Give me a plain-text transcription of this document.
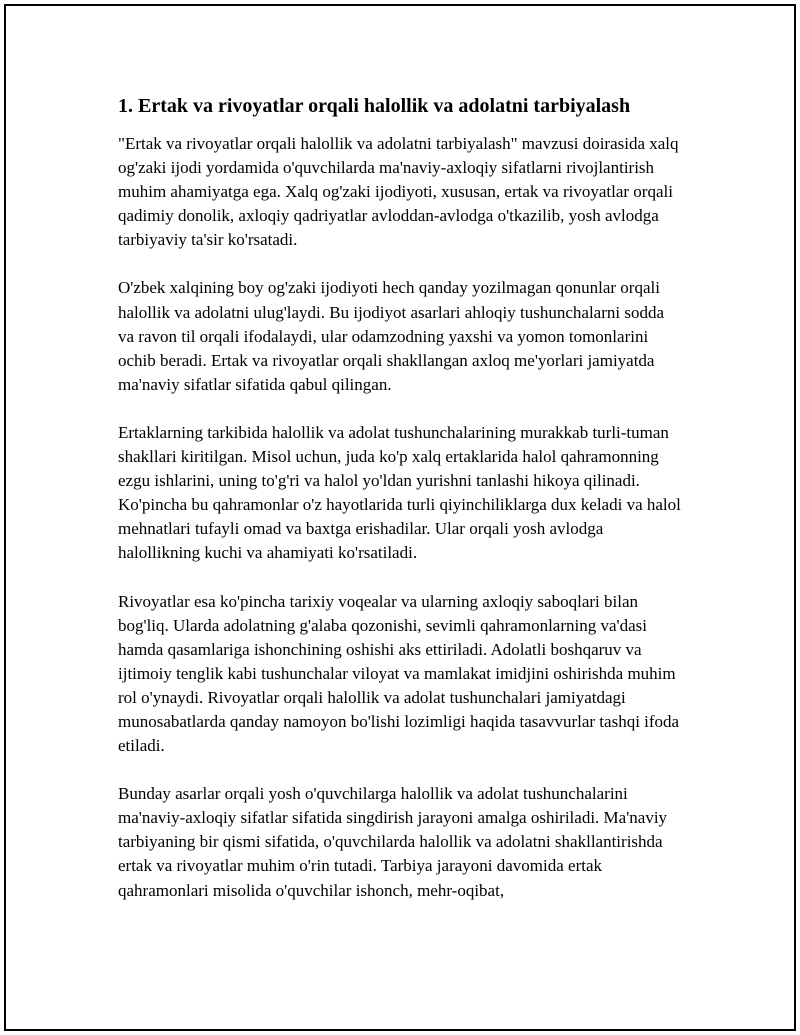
1. Ertak va rivoyatlar orqali halollik va adolatni tarbiyalash

"Ertak va rivoyatlar orqali halollik va adolatni tarbiyalash" mavzusi doirasida xalq og'zaki ijodi yordamida o'quvchilarda ma'naviy-axloqiy sifatlarni rivojlantirish muhim ahamiyatga ega. Xalq og'zaki ijodiyoti, xususan, ertak va rivoyatlar orqali qadimiy donolik, axloqiy qadriyatlar avloddan-avlodga o'tkazilib, yosh avlodga tarbiyaviy ta'sir ko'rsatadi.

O'zbek xalqining boy og'zaki ijodiyoti hech qanday yozilmagan qonunlar orqali halollik va adolatni ulug'laydi. Bu ijodiyot asarlari ahloqiy tushunchalarni sodda va ravon til orqali ifodalaydi, ular odamzodning yaxshi va yomon tomonlarini ochib beradi. Ertak va rivoyatlar orqali shakllangan axloq me'yorlari jamiyatda ma'naviy sifatlar sifatida qabul qilingan.

Ertaklarning tarkibida halollik va adolat tushunchalarining murakkab turli-tuman shakllari kiritilgan. Misol uchun, juda ko'p xalq ertaklarida halol qahramonning ezgu ishlarini, uning to'g'ri va halol yo'ldan yurishni tanlashi hikoya qilinadi. Ko'pincha bu qahramonlar o'z hayotlarida turli qiyinchiliklarga dux keladi va halol mehnatlari tufayli omad va baxtga erishadilar. Ular orqali yosh avlodga halollikning kuchi va ahamiyati ko'rsatiladi.

Rivoyatlar esa ko'pincha tarixiy voqealar va ularning axloqiy saboqlari bilan bog'liq. Ularda adolatning g'alaba qozonishi, sevimli qahramonlarning va'dasi hamda qasamlariga ishonchining oshishi aks ettiriladi. Adolatli boshqaruv va ijtimoiy tenglik kabi tushunchalar viloyat va mamlakat imidjini oshirishda muhim rol o'ynaydi. Rivoyatlar orqali halollik va adolat tushunchalari jamiyatdagi munosabatlarda qanday namoyon bo'lishi lozimligi haqida tasavvurlar tashqi ifoda etiladi.

Bunday asarlar orqali yosh o'quvchilarga halollik va adolat tushunchalarini ma'naviy-axloqiy sifatlar sifatida singdirish jarayoni amalga oshiriladi. Ma'naviy tarbiyaning bir qismi sifatida, o'quvchilarda halollik va adolatni shakllantirishda ertak va rivoyatlar muhim o'rin tutadi. Tarbiya jarayoni davomida ertak qahramonlari misolida o'quvchilar ishonch, mehr-oqibat,
